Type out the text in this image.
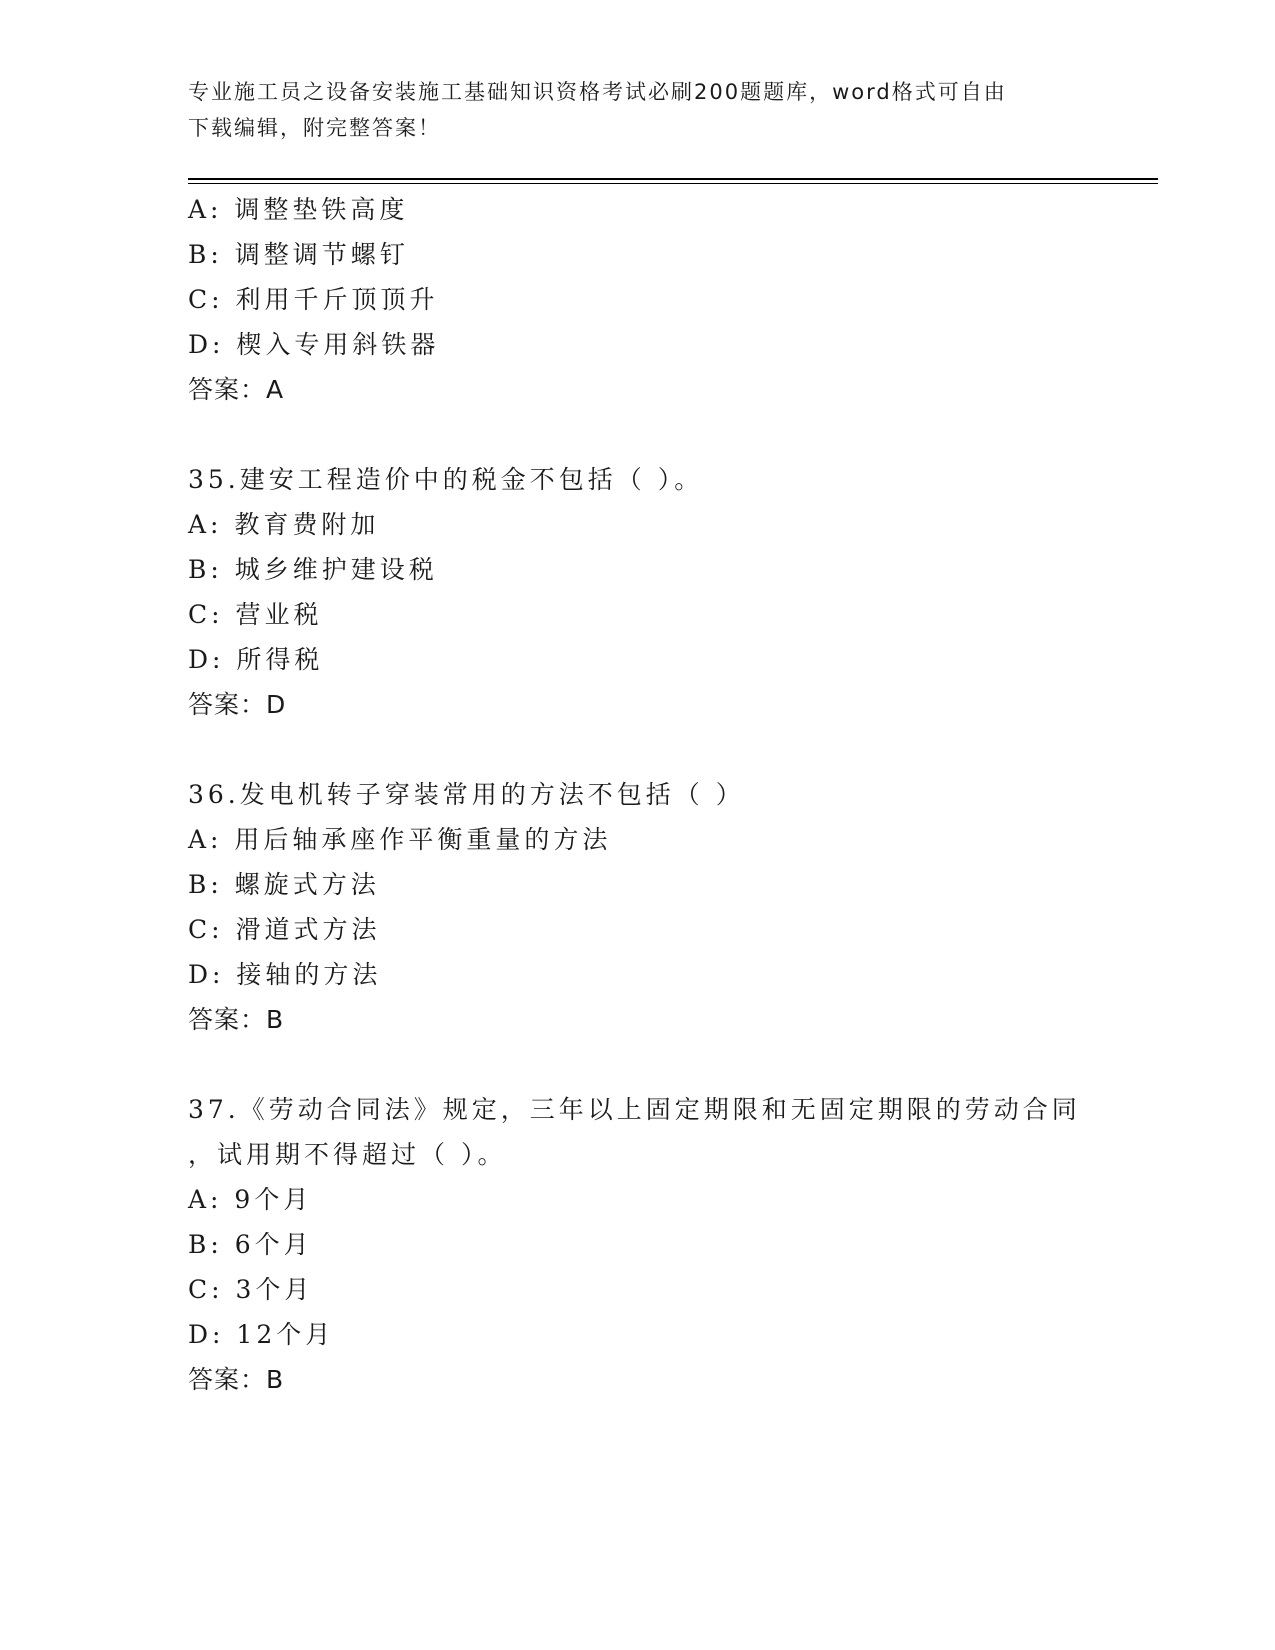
专业施工员之设备安装施工基础知识资格考试必刷200题题库，word格式可自由
下载编辑，附完整答案！
A: 调整垫铁高度
B: 调整调节螺钉
C: 利用千斤顶顶升
D: 楔入专用斜铁器
答案：A
35.建安工程造价中的税金不包括（ ）。
A: 教育费附加
B: 城乡维护建设税
C: 营业税
D: 所得税
答案：D
36.发电机转子穿装常用的方法不包括（ ）
A: 用后轴承座作平衡重量的方法
B: 螺旋式方法
C: 滑道式方法
D: 接轴的方法
答案：B
37.《劳动合同法》规定，三年以上固定期限和无固定期限的劳动合同
，试用期不得超过（ ）。
A: 9个月
B: 6个月
C: 3个月
D: 12个月
答案：B
